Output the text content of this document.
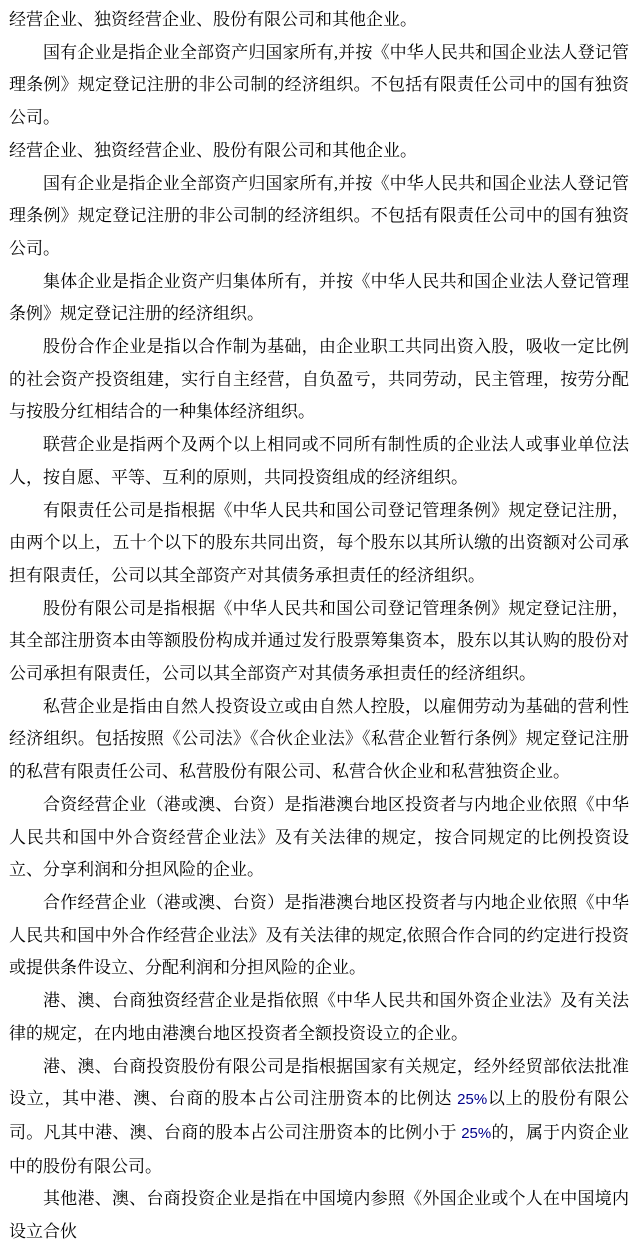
经营企业、独资经营企业、股份有限公司和其他企业。

国有企业是指企业全部资产归国家所有,并按《中华人民共和国企业法人登记管理条例》规定登记注册的非公司制的经济组织。不包括有限责任公司中的国有独资公司。

经营企业、独资经营企业、股份有限公司和其他企业。

国有企业是指企业全部资产归国家所有,并按《中华人民共和国企业法人登记管理条例》规定登记注册的非公司制的经济组织。不包括有限责任公司中的国有独资公司。

集体企业是指企业资产归集体所有，并按《中华人民共和国企业法人登记管理条例》规定登记注册的经济组织。

股份合作企业是指以合作制为基础，由企业职工共同出资入股，吸收一定比例的社会资产投资组建，实行自主经营，自负盈亏，共同劳动，民主管理，按劳分配与按股分红相结合的一种集体经济组织。

联营企业是指两个及两个以上相同或不同所有制性质的企业法人或事业单位法人，按自愿、平等、互利的原则，共同投资组成的经济组织。

有限责任公司是指根据《中华人民共和国公司登记管理条例》规定登记注册，由两个以上，五十个以下的股东共同出资，每个股东以其所认缴的出资额对公司承担有限责任，公司以其全部资产对其债务承担责任的经济组织。

股份有限公司是指根据《中华人民共和国公司登记管理条例》规定登记注册，其全部注册资本由等额股份构成并通过发行股票筹集资本，股东以其认购的股份对公司承担有限责任，公司以其全部资产对其债务承担责任的经济组织。

私营企业是指由自然人投资设立或由自然人控股，以雇佣劳动为基础的营利性经济组织。包括按照《公司法》《合伙企业法》《私营企业暂行条例》规定登记注册的私营有限责任公司、私营股份有限公司、私营合伙企业和私营独资企业。

合资经营企业（港或澳、台资）是指港澳台地区投资者与内地企业依照《中华人民共和国中外合资经营企业法》及有关法律的规定，按合同规定的比例投资设立、分享利润和分担风险的企业。

合作经营企业（港或澳、台资）是指港澳台地区投资者与内地企业依照《中华人民共和国中外合作经营企业法》及有关法律的规定,依照合作合同的约定进行投资或提供条件设立、分配利润和分担风险的企业。

港、澳、台商独资经营企业是指依照《中华人民共和国外资企业法》及有关法律的规定，在内地由港澳台地区投资者全额投资设立的企业。

港、澳、台商投资股份有限公司是指根据国家有关规定，经外经贸部依法批准设立，其中港、澳、台商的股本占公司注册资本的比例达 25%以上的股份有限公司。凡其中港、澳、台商的股本占公司注册资本的比例小于 25%的，属于内资企业中的股份有限公司。

其他港、澳、台商投资企业是指在中国境内参照《外国企业或个人在中国境内设立合伙
